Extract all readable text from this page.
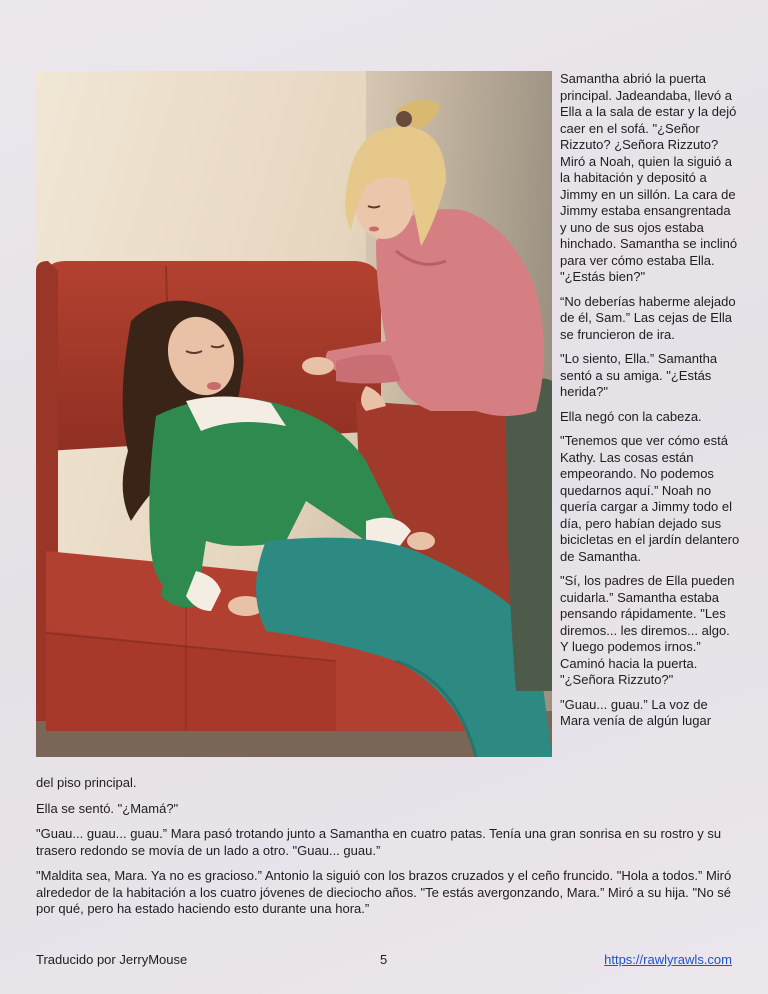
Samantha abrió la puerta principal. Jadeandaba, llevó a Ella a la sala de estar y la dejó caer en el sofá. "¿Señor Rizzuto? ¿Señora Rizzuto? Miró a Noah, quien la siguió a la habitación y depositó a Jimmy en un sillón. La cara de Jimmy estaba ensangrentada y uno de sus ojos estaba hinchado. Samantha se inclinó para ver cómo estaba Ella. "¿Estás bien?"

“No deberías haberme alejado de él, Sam.” Las cejas de Ella se fruncieron de ira.

"Lo siento, Ella.” Samantha sentó a su amiga. "¿Estás herida?"

Ella negó con la cabeza.

"Tenemos que ver cómo está Kathy. Las cosas están empeorando. No podemos quedarnos aquí.” Noah no quería cargar a Jimmy todo el día, pero habían dejado sus bicicletas en el jardín delantero de Samantha.

"Sí, los padres de Ella pueden cuidarla.” Samantha estaba pensando rápidamente. "Les diremos... les diremos... algo. Y luego podemos irnos.” Caminó hacia la puerta. "¿Señora Rizzuto?"

"Guau... guau.” La voz de Mara venía de algún lugar

del piso principal.

Ella se sentó. "¿Mamá?"

"Guau... guau... guau.” Mara pasó trotando junto a Samantha en cuatro patas. Tenía una gran sonrisa en su rostro y su trasero redondo se movía de un lado a otro. "Guau... guau.”

"Maldita sea, Mara. Ya no es gracioso.” Antonio la siguió con los brazos cruzados y el ceño fruncido. "Hola a todos.” Miró alrededor de la habitación a los cuatro jóvenes de dieciocho años. "Te estás avergonzando, Mara.” Miró a su hija. "No sé por qué, pero ha estado haciendo esto durante una hora.”

Traducido por JerryMouse	5	https://rawlyrawls.com
